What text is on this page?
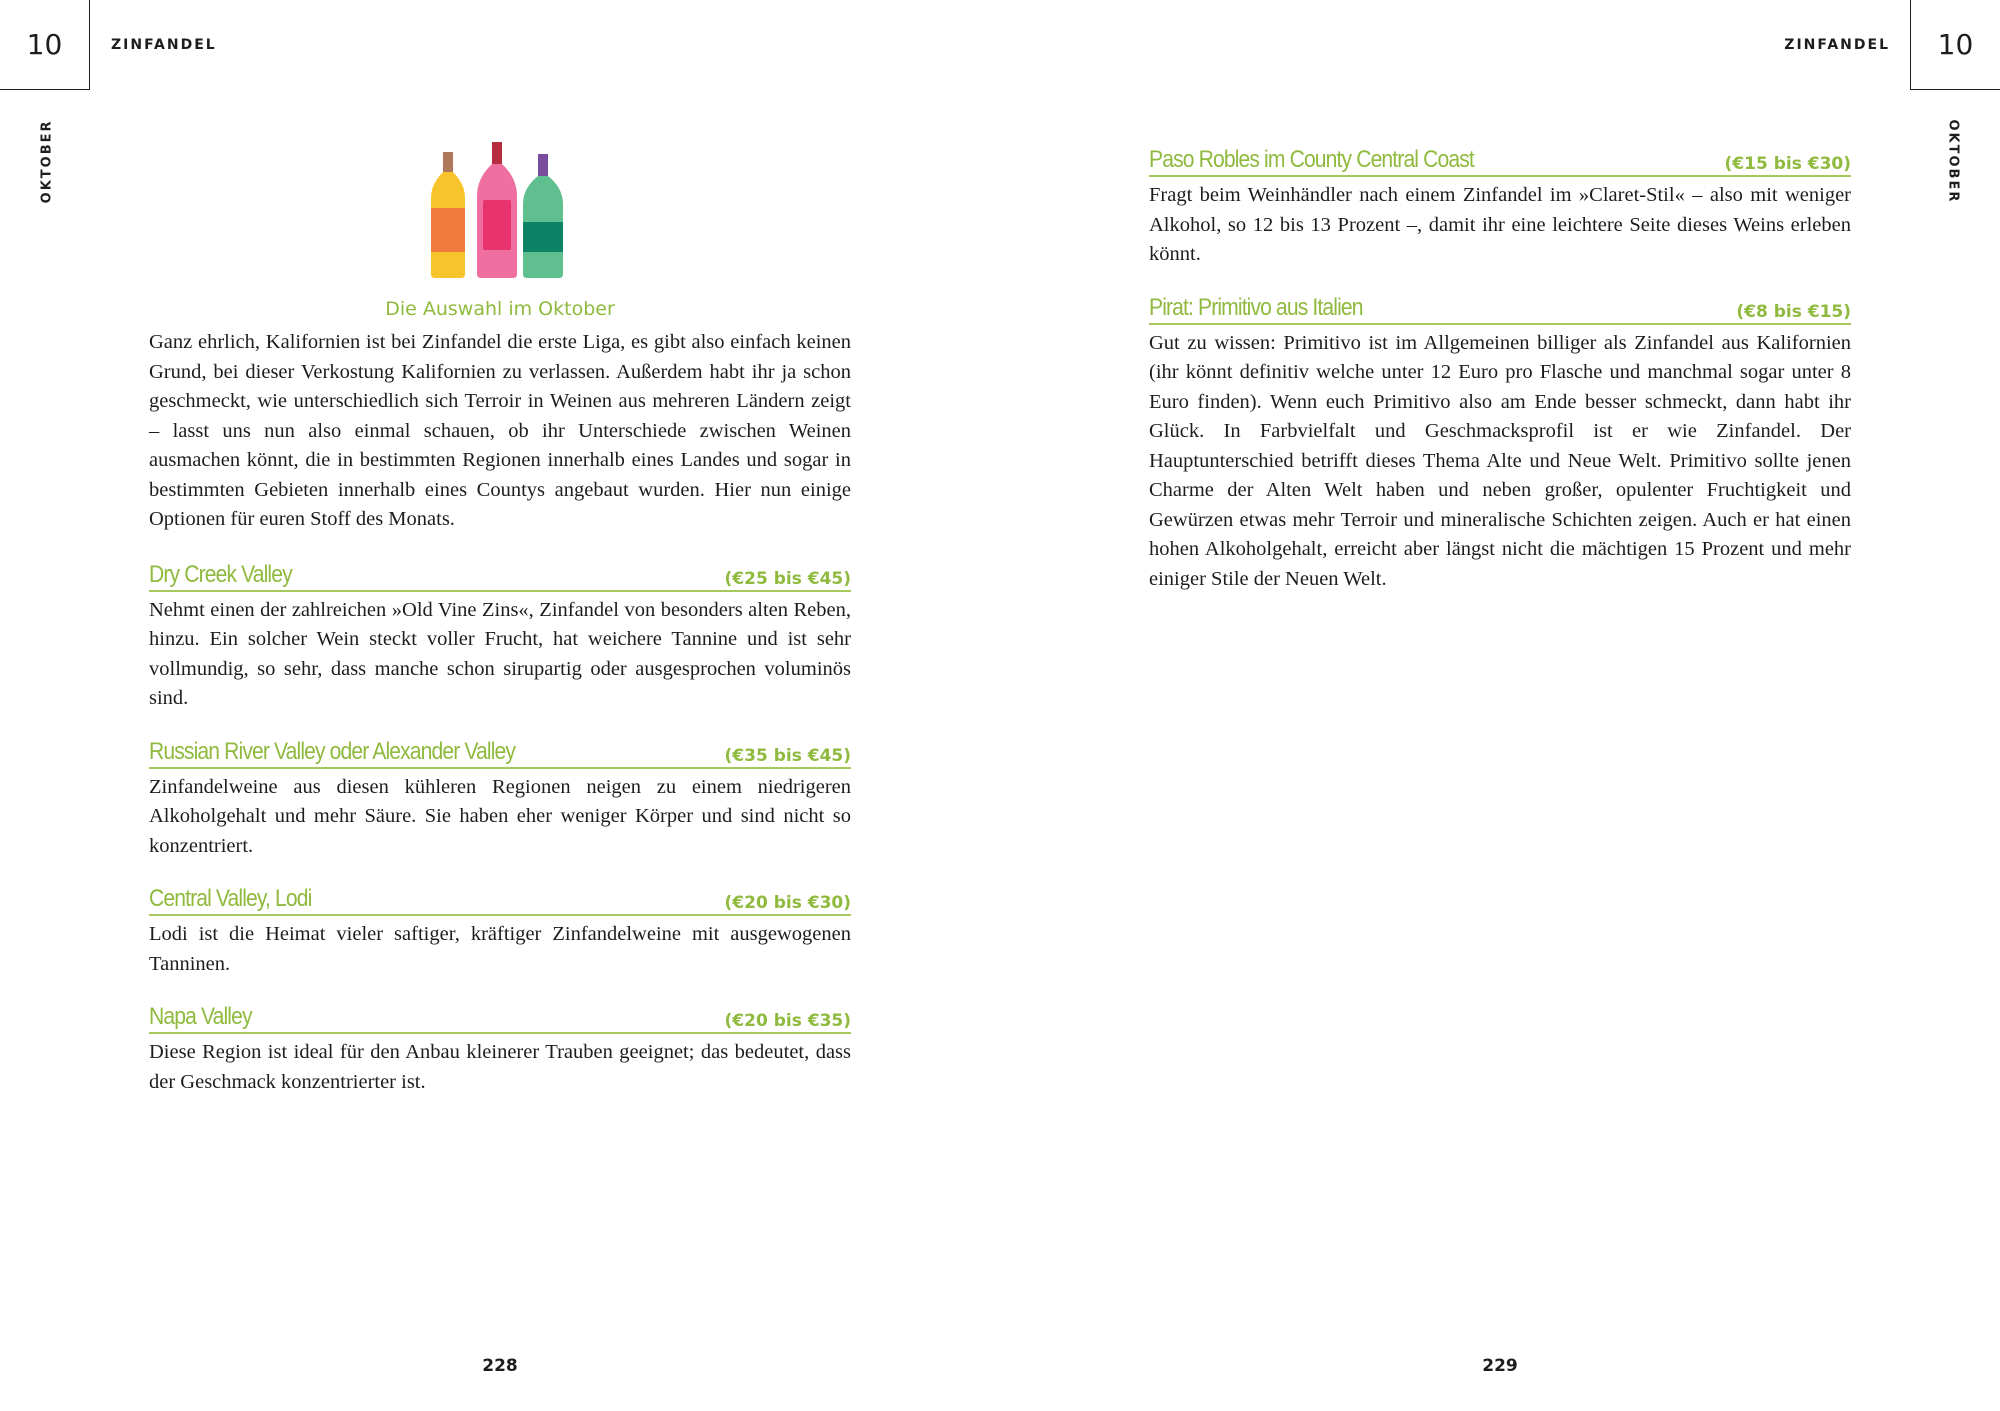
10	ZINFANDEL
OKTOBER
Die Auswahl im Oktober

Ganz ehrlich, Kalifornien ist bei Zinfandel die erste Liga, es gibt also einfach keinen Grund, bei dieser Verkostung Kalifornien zu verlassen. Außerdem habt ihr ja schon geschmeckt, wie unterschiedlich sich Terroir in Weinen aus mehreren Ländern zeigt – lasst uns nun also einmal schauen, ob ihr Unterschiede zwischen Weinen ausmachen könnt, die in bestimmten Regionen innerhalb eines Landes und sogar in bestimmten Gebieten innerhalb eines Countys angebaut wurden. Hier nun einige Optionen für euren Stoff des Monats.

Dry Creek Valley	(€25 bis €45)

Nehmt einen der zahlreichen »Old Vine Zins«, Zinfandel von besonders alten Reben, hinzu. Ein solcher Wein steckt voller Frucht, hat weichere Tannine und ist sehr vollmundig, so sehr, dass manche schon sirupartig oder ausgesprochen voluminös sind.

Russian River Valley oder Alexander Valley	(€35 bis €45)

Zinfandelweine aus diesen kühleren Regionen neigen zu einem niedrigeren Alkoholgehalt und mehr Säure. Sie haben eher weniger Körper und sind nicht so konzentriert.

Central Valley, Lodi	(€20 bis €30)

Lodi ist die Heimat vieler saftiger, kräftiger Zinfandelweine mit ausgewogenen Tanninen.

Napa Valley	(€20 bis €35)

Diese Region ist ideal für den Anbau kleinerer Trauben geeignet; das bedeutet, dass der Geschmack konzentrierter ist.

228
10
ZINFANDEL
OKTOBER
Paso Robles im County Central Coast	(€15 bis €30)

Fragt beim Weinhändler nach einem Zinfandel im »Claret-Stil« – also mit weniger Alkohol, so 12 bis 13 Prozent –, damit ihr eine leichtere Seite dieses Weins erleben könnt.

Pirat: Primitivo aus Italien	(€8 bis €15)

Gut zu wissen: Primitivo ist im Allgemeinen billiger als Zinfandel aus Kalifornien (ihr könnt definitiv welche unter 12 Euro pro Flasche und manchmal sogar unter 8 Euro finden). Wenn euch Primitivo also am Ende besser schmeckt, dann habt ihr Glück. In Farbvielfalt und Geschmacksprofil ist er wie Zinfandel. Der Hauptunterschied betrifft dieses Thema Alte und Neue Welt. Primitivo sollte jenen Charme der Alten Welt haben und neben großer, opulenter Fruchtigkeit und Gewürzen etwas mehr Terroir und mineralische Schichten zeigen. Auch er hat einen hohen Alkoholgehalt, erreicht aber längst nicht die mächtigen 15 Prozent und mehr einiger Stile der Neuen Welt.

229
